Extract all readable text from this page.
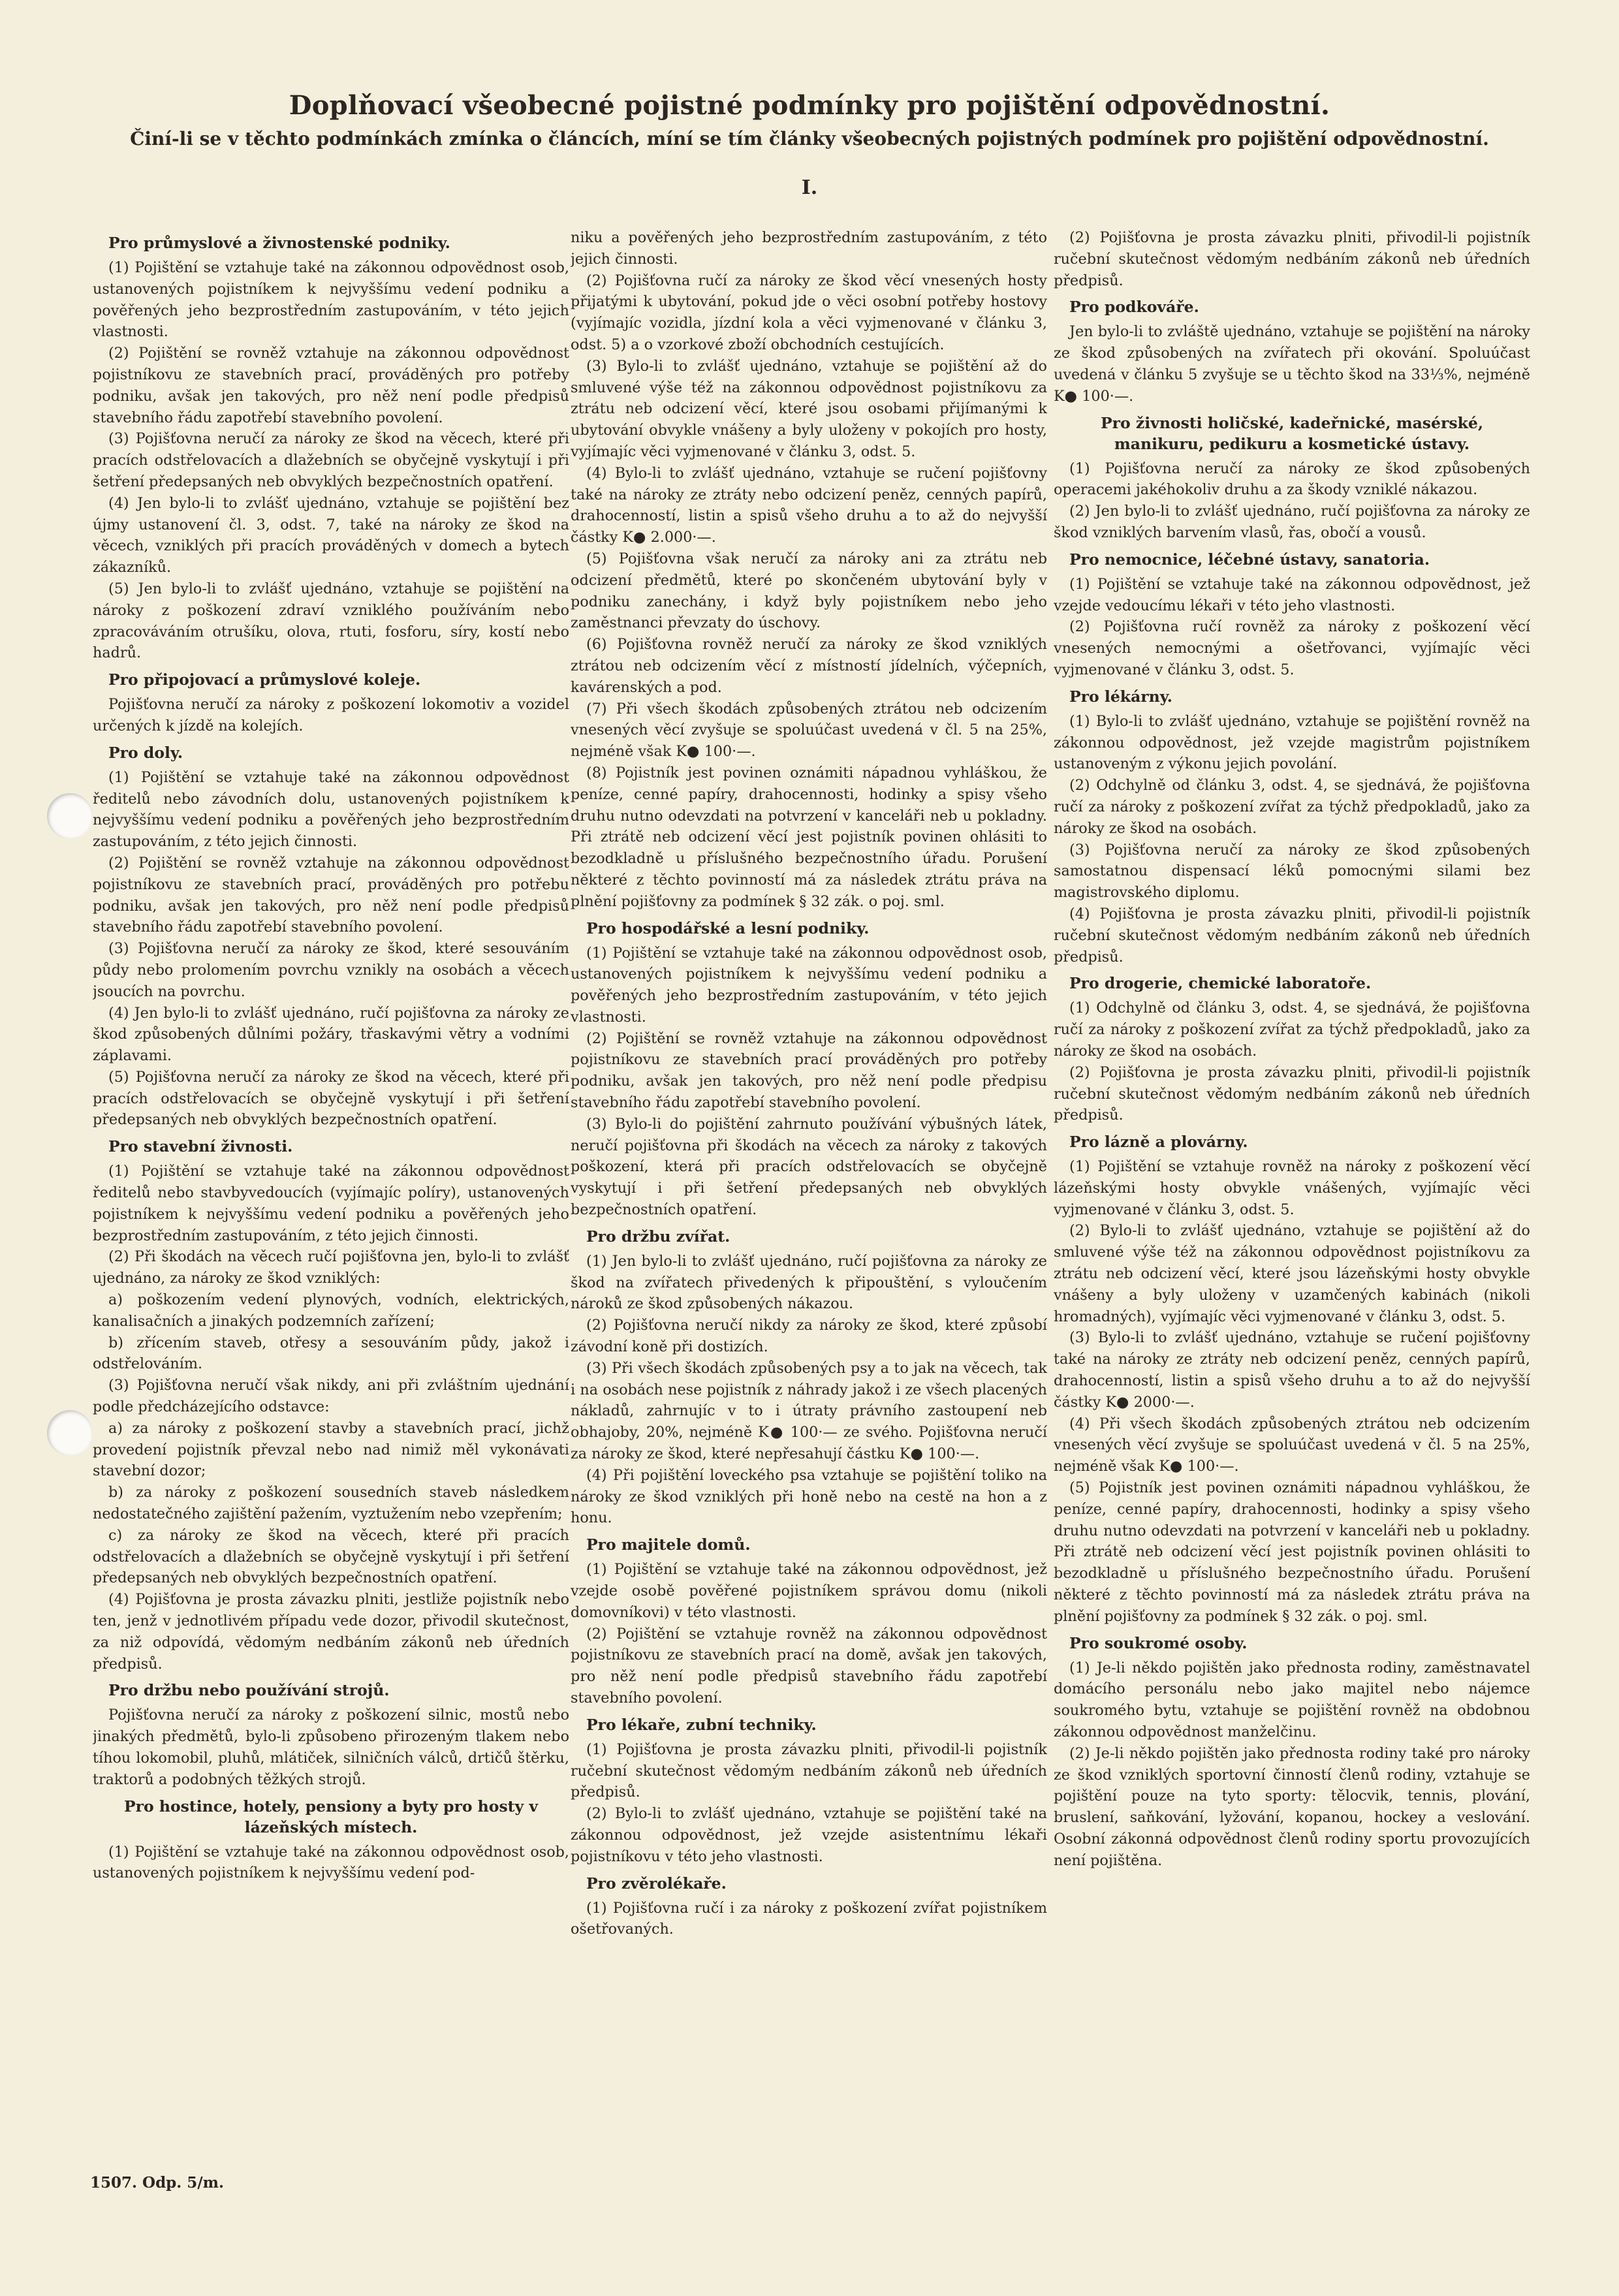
Doplňovací všeobecné pojistné podmínky pro pojištění odpovědnostní.

Činí-li se v těchto podmínkách zmínka o článcích, míní se tím články všeobecných pojistných podmínek pro pojištění odpovědnostní.

I.

Pro průmyslové a živnostenské podniky.

(1) Pojištění se vztahuje také na zákonnou odpovědnost osob, ustanovených pojistníkem k nejvyššímu vedení podniku a pověřených jeho bezprostředním zastupováním, v této jejich vlastnosti.

(2) Pojištění se rovněž vztahuje na zákonnou odpovědnost pojistníkovu ze stavebních prací, prováděných pro potřeby podniku, avšak jen takových, pro něž není podle předpisů stavebního řádu zapotřebí stavebního povolení.

(3) Pojišťovna neručí za nároky ze škod na věcech, které při pracích odstřelovacích a dlažebních se obyčejně vyskytují i při šetření předepsaných neb obvyklých bezpečnostních opatření.

(4) Jen bylo-li to zvlášť ujednáno, vztahuje se pojištění bez újmy ustanovení čl. 3, odst. 7, také na nároky ze škod na věcech, vzniklých při pracích prováděných v domech a bytech zákazníků.

(5) Jen bylo-li to zvlášť ujednáno, vztahuje se pojištění na nároky z poškození zdraví vzniklého používáním nebo zpracováváním otrušíku, olova, rtuti, fosforu, síry, kostí nebo hadrů.

Pro připojovací a průmyslové koleje.

Pojišťovna neručí za nároky z poškození lokomotiv a vozidel určených k jízdě na kolejích.

Pro doly.

(1) Pojištění se vztahuje také na zákonnou odpovědnost ředitelů nebo závodních dolu, ustanovených pojistníkem k nejvyššímu vedení podniku a pověřených jeho bezprostředním zastupováním, z této jejich činnosti.

(2) Pojištění se rovněž vztahuje na zákonnou odpovědnost pojistníkovu ze stavebních prací, prováděných pro potřebu podniku, avšak jen takových, pro něž není podle předpisů stavebního řádu zapotřebí stavebního povolení.

(3) Pojišťovna neručí za nároky ze škod, které sesouváním půdy nebo prolomením povrchu vznikly na osobách a věcech jsoucích na povrchu.

(4) Jen bylo-li to zvlášť ujednáno, ručí pojišťovna za nároky ze škod způsobených důlními požáry, třaskavými větry a vodními záplavami.

(5) Pojišťovna neručí za nároky ze škod na věcech, které při pracích odstřelovacích se obyčejně vyskytují i při šetření předepsaných neb obvyklých bezpečnostních opatření.

Pro stavební živnosti.

(1) Pojištění se vztahuje také na zákonnou odpovědnost ředitelů nebo stavbyvedoucích (vyjímajíc políry), ustanovených pojistníkem k nejvyššímu vedení podniku a pověřených jeho bezprostředním zastupováním, z této jejich činnosti.

(2) Při škodách na věcech ručí pojišťovna jen, bylo-li to zvlášť ujednáno, za nároky ze škod vzniklých:

a) poškozením vedení plynových, vodních, elektrických, kanalisačních a jinakých podzemních zařízení;

b) zřícením staveb, otřesy a sesouváním půdy, jakož i odstřelováním.

(3) Pojišťovna neručí však nikdy, ani při zvláštním ujednání podle předcházejícího odstavce:

a) za nároky z poškození stavby a stavebních prací, jichž provedení pojistník převzal nebo nad nimiž měl vykonávati stavební dozor;

b) za nároky z poškození sousedních staveb následkem nedostatečného zajištění pažením, vyztužením nebo vzepřením;

c) za nároky ze škod na věcech, které při pracích odstřelovacích a dlažebních se obyčejně vyskytují i při šetření předepsaných neb obvyklých bezpečnostních opatření.

(4) Pojišťovna je prosta závazku plniti, jestliže pojistník nebo ten, jenž v jednotlivém případu vede dozor, přivodil skutečnost, za niž odpovídá, vědomým nedbáním zákonů neb úředních předpisů.

Pro držbu nebo používání strojů.

Pojišťovna neručí za nároky z poškození silnic, mostů nebo jinakých předmětů, bylo-li způsobeno přirozeným tlakem nebo tíhou lokomobil, pluhů, mlátiček, silničních válců, drtičů štěrku, traktorů a podobných těžkých strojů.

Pro hostince, hotely, pensiony a byty pro hosty v lázeňských místech.

(1) Pojištění se vztahuje také na zákonnou odpovědnost osob, ustanovených pojistníkem k nejvyššímu vedení pod-

niku a pověřených jeho bezprostředním zastupováním, z této jejich činnosti.

(2) Pojišťovna ručí za nároky ze škod věcí vnesených hosty přijatými k ubytování, pokud jde o věci osobní potřeby hostovy (vyjímajíc vozidla, jízdní kola a věci vyjmenované v článku 3, odst. 5) a o vzorkové zboží obchodních cestujících.

(3) Bylo-li to zvlášť ujednáno, vztahuje se pojištění až do smluvené výše též na zákonnou odpovědnost pojistníkovu za ztrátu neb odcizení věcí, které jsou osobami přijímanými k ubytování obvykle vnášeny a byly uloženy v pokojích pro hosty, vyjímajíc věci vyjmenované v článku 3, odst. 5.

(4) Bylo-li to zvlášť ujednáno, vztahuje se ručení pojišťovny také na nároky ze ztráty nebo odcizení peněz, cenných papírů, drahocenností, listin a spisů všeho druhu a to až do nejvyšší částky K● 2.000·—.

(5) Pojišťovna však neručí za nároky ani za ztrátu neb odcizení předmětů, které po skončeném ubytování byly v podniku zanechány, i když byly pojistníkem nebo jeho zaměstnanci převzaty do úschovy.

(6) Pojišťovna rovněž neručí za nároky ze škod vzniklých ztrátou neb odcizením věcí z místností jídelních, výčepních, kavárenských a pod.

(7) Při všech škodách způsobených ztrátou neb odcizením vnesených věcí zvyšuje se spoluúčast uvedená v čl. 5 na 25%, nejméně však K● 100·—.

(8) Pojistník jest povinen oznámiti nápadnou vyhláškou, že peníze, cenné papíry, drahocennosti, hodinky a spisy všeho druhu nutno odevzdati na potvrzení v kanceláři neb u pokladny. Při ztrátě neb odcizení věcí jest pojistník povinen ohlásiti to bezodkladně u příslušného bezpečnostního úřadu. Porušení některé z těchto povinností má za následek ztrátu práva na plnění pojišťovny za podmínek § 32 zák. o poj. sml.

Pro hospodářské a lesní podniky.

(1) Pojištění se vztahuje také na zákonnou odpovědnost osob, ustanovených pojistníkem k nejvyššímu vedení podniku a pověřených jeho bezprostředním zastupováním, v této jejich vlastnosti.

(2) Pojištění se rovněž vztahuje na zákonnou odpovědnost pojistníkovu ze stavebních prací prováděných pro potřeby podniku, avšak jen takových, pro něž není podle předpisu stavebního řádu zapotřebí stavebního povolení.

(3) Bylo-li do pojištění zahrnuto používání výbušných látek, neručí pojišťovna při škodách na věcech za nároky z takových poškození, která při pracích odstřelovacích se obyčejně vyskytují i při šetření předepsaných neb obvyklých bezpečnostních opatření.

Pro držbu zvířat.

(1) Jen bylo-li to zvlášť ujednáno, ručí pojišťovna za nároky ze škod na zvířatech přivedených k připouštění, s vyloučením nároků ze škod způsobených nákazou.

(2) Pojišťovna neručí nikdy za nároky ze škod, které způsobí závodní koně při dostizích.

(3) Při všech škodách způsobených psy a to jak na věcech, tak i na osobách nese pojistník z náhrady jakož i ze všech placených nákladů, zahrnujíc v to i útraty právního zastoupení neb obhajoby, 20%, nejméně K● 100·— ze svého. Pojišťovna neručí za nároky ze škod, které nepřesahují částku K● 100·—.

(4) Při pojištění loveckého psa vztahuje se pojištění toliko na nároky ze škod vzniklých při honě nebo na cestě na hon a z honu.

Pro majitele domů.

(1) Pojištění se vztahuje také na zákonnou odpovědnost, jež vzejde osobě pověřené pojistníkem správou domu (nikoli domovníkovi) v této vlastnosti.

(2) Pojištění se vztahuje rovněž na zákonnou odpovědnost pojistníkovu ze stavebních prací na domě, avšak jen takových, pro něž není podle předpisů stavebního řádu zapotřebí stavebního povolení.

Pro lékaře, zubní techniky.

(1) Pojišťovna je prosta závazku plniti, přivodil-li pojistník ručební skutečnost vědomým nedbáním zákonů neb úředních předpisů.

(2) Bylo-li to zvlášť ujednáno, vztahuje se pojištění také na zákonnou odpovědnost, jež vzejde asistentnímu lékaři pojistníkovu v této jeho vlastnosti.

Pro zvěrolékaře.

(1) Pojišťovna ručí i za nároky z poškození zvířat pojistníkem ošetřovaných.

(2) Pojišťovna je prosta závazku plniti, přivodil-li pojistník ručební skutečnost vědomým nedbáním zákonů neb úředních předpisů.

Pro podkováře.

Jen bylo-li to zvláště ujednáno, vztahuje se pojištění na nároky ze škod způsobených na zvířatech při okování. Spoluúčast uvedená v článku 5 zvyšuje se u těchto škod na 33⅓%, nejméně K● 100·—.

Pro živnosti holičské, kadeřnické, masérské, manikuru, pedikuru a kosmetické ústavy.

(1) Pojišťovna neručí za nároky ze škod způsobených operacemi jakéhokoliv druhu a za škody vzniklé nákazou.

(2) Jen bylo-li to zvlášť ujednáno, ručí pojišťovna za nároky ze škod vzniklých barvením vlasů, řas, obočí a vousů.

Pro nemocnice, léčebné ústavy, sanatoria.

(1) Pojištění se vztahuje také na zákonnou odpovědnost, jež vzejde vedoucímu lékaři v této jeho vlastnosti.

(2) Pojišťovna ručí rovněž za nároky z poškození věcí vnesených nemocnými a ošetřovanci, vyjímajíc věci vyjmenované v článku 3, odst. 5.

Pro lékárny.

(1) Bylo-li to zvlášť ujednáno, vztahuje se pojištění rovněž na zákonnou odpovědnost, jež vzejde magistrům pojistníkem ustanoveným z výkonu jejich povolání.

(2) Odchylně od článku 3, odst. 4, se sjednává, že pojišťovna ručí za nároky z poškození zvířat za týchž předpokladů, jako za nároky ze škod na osobách.

(3) Pojišťovna neručí za nároky ze škod způsobených samostatnou dispensací léků pomocnými silami bez magistrovského diplomu.

(4) Pojišťovna je prosta závazku plniti, přivodil-li pojistník ručební skutečnost vědomým nedbáním zákonů neb úředních předpisů.

Pro drogerie, chemické laboratoře.

(1) Odchylně od článku 3, odst. 4, se sjednává, že pojišťovna ručí za nároky z poškození zvířat za týchž předpokladů, jako za nároky ze škod na osobách.

(2) Pojišťovna je prosta závazku plniti, přivodil-li pojistník ručební skutečnost vědomým nedbáním zákonů neb úředních předpisů.

Pro lázně a plovárny.

(1) Pojištění se vztahuje rovněž na nároky z poškození věcí lázeňskými hosty obvykle vnášených, vyjímajíc věci vyjmenované v článku 3, odst. 5.

(2) Bylo-li to zvlášť ujednáno, vztahuje se pojištění až do smluvené výše též na zákonnou odpovědnost pojistníkovu za ztrátu neb odcizení věcí, které jsou lázeňskými hosty obvykle vnášeny a byly uloženy v uzamčených kabinách (nikoli hromadných), vyjímajíc věci vyjmenované v článku 3, odst. 5.

(3) Bylo-li to zvlášť ujednáno, vztahuje se ručení pojišťovny také na nároky ze ztráty neb odcizení peněz, cenných papírů, drahocenností, listin a spisů všeho druhu a to až do nejvyšší částky K● 2000·—.

(4) Při všech škodách způsobených ztrátou neb odcizením vnesených věcí zvyšuje se spoluúčast uvedená v čl. 5 na 25%, nejméně však K● 100·—.

(5) Pojistník jest povinen oznámiti nápadnou vyhláškou, že peníze, cenné papíry, drahocennosti, hodinky a spisy všeho druhu nutno odevzdati na potvrzení v kanceláři neb u pokladny. Při ztrátě neb odcizení věcí jest pojistník povinen ohlásiti to bezodkladně u příslušného bezpečnostního úřadu. Porušení některé z těchto povinností má za následek ztrátu práva na plnění pojišťovny za podmínek § 32 zák. o poj. sml.

Pro soukromé osoby.

(1) Je-li někdo pojištěn jako přednosta rodiny, zaměstnavatel domácího personálu nebo jako majitel nebo nájemce soukromého bytu, vztahuje se pojištění rovněž na obdobnou zákonnou odpovědnost manželčinu.

(2) Je-li někdo pojištěn jako přednosta rodiny také pro nároky ze škod vzniklých sportovní činností členů rodiny, vztahuje se pojištění pouze na tyto sporty: tělocvik, tennis, plování, bruslení, saňkování, lyžování, kopanou, hockey a veslování. Osobní zákonná odpovědnost členů rodiny sportu provozujících není pojištěna.

1507. Odp. 5/m.
